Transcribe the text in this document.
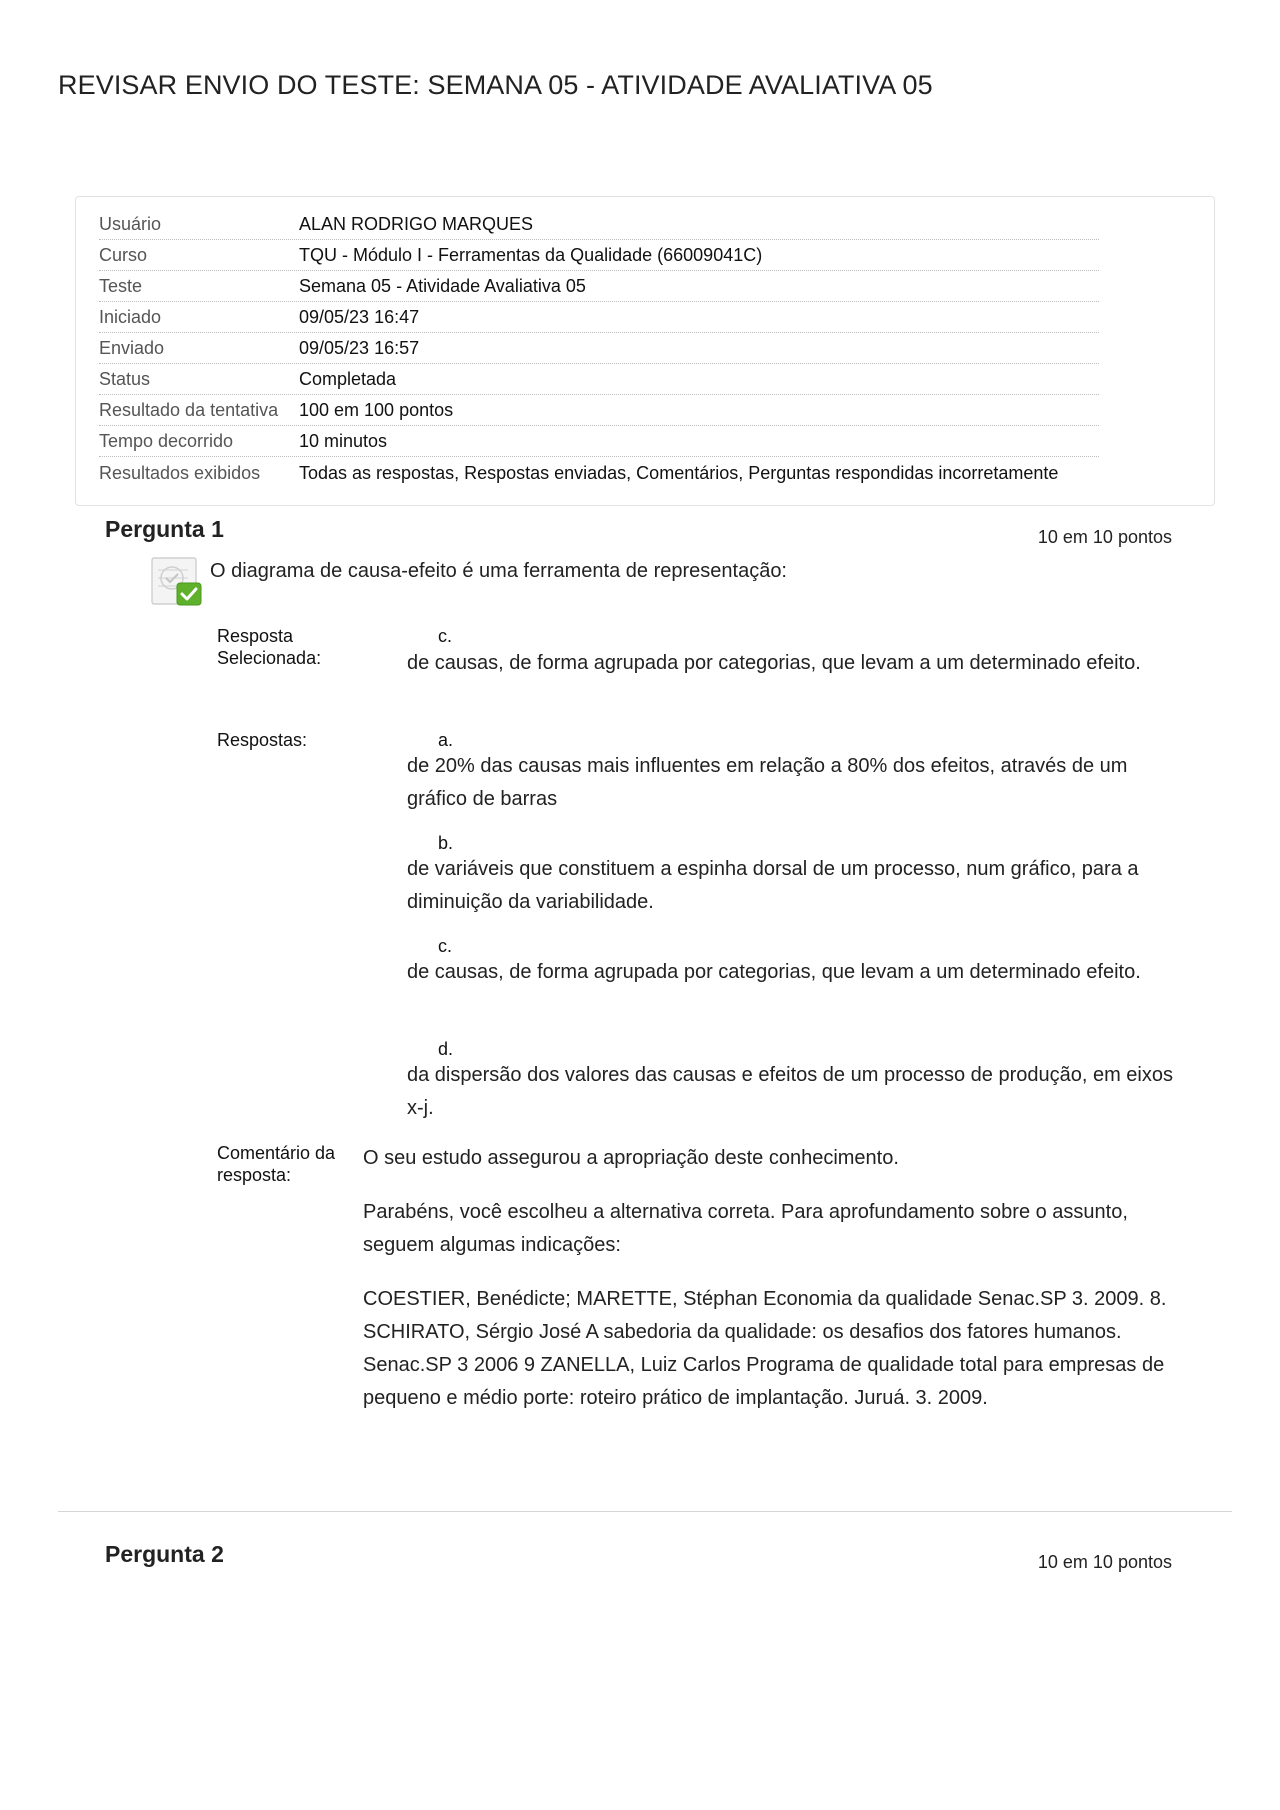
REVISAR ENVIO DO TESTE: SEMANA 05 - ATIVIDADE AVALIATIVA 05
Usuário	ALAN RODRIGO MARQUES
Curso	TQU - Módulo I - Ferramentas da Qualidade (66009041C)
Teste	Semana 05 - Atividade Avaliativa 05
Iniciado	09/05/23 16:47
Enviado	09/05/23 16:57
Status	Completada
Resultado da tentativa	100 em 100 pontos
Tempo decorrido	10 minutos
Resultados exibidos	Todas as respostas, Respostas enviadas, Comentários, Perguntas respondidas incorretamente
Pergunta 1	10 em 10 pontos
O diagrama de causa-efeito é uma ferramenta de representação:
Resposta Selecionada:
c.
de causas, de forma agrupada por categorias, que levam a um determinado efeito.
Respostas:	a.
de 20% das causas mais influentes em relação a 80% dos efeitos, através de um gráfico de barras
b.
de variáveis que constituem a espinha dorsal de um processo, num gráfico, para a diminuição da variabilidade.
c.
de causas, de forma agrupada por categorias, que levam a um determinado efeito.
d.
da dispersão dos valores das causas e efeitos de um processo de produção, em eixos x-j.
Comentário da resposta:

O seu estudo assegurou a apropriação deste conhecimento.

Parabéns, você escolheu a alternativa correta. Para aprofundamento sobre o assunto, seguem algumas indicações:

COESTIER, Benédicte; MARETTE, Stéphan Economia da qualidade Senac.SP 3. 2009. 8. SCHIRATO, Sérgio José A sabedoria da qualidade: os desafios dos fatores humanos. Senac.SP 3 2006 9 ZANELLA, Luiz Carlos Programa de qualidade total para empresas de pequeno e médio porte: roteiro prático de implantação. Juruá. 3. 2009.

Pergunta 2	10 em 10 pontos
